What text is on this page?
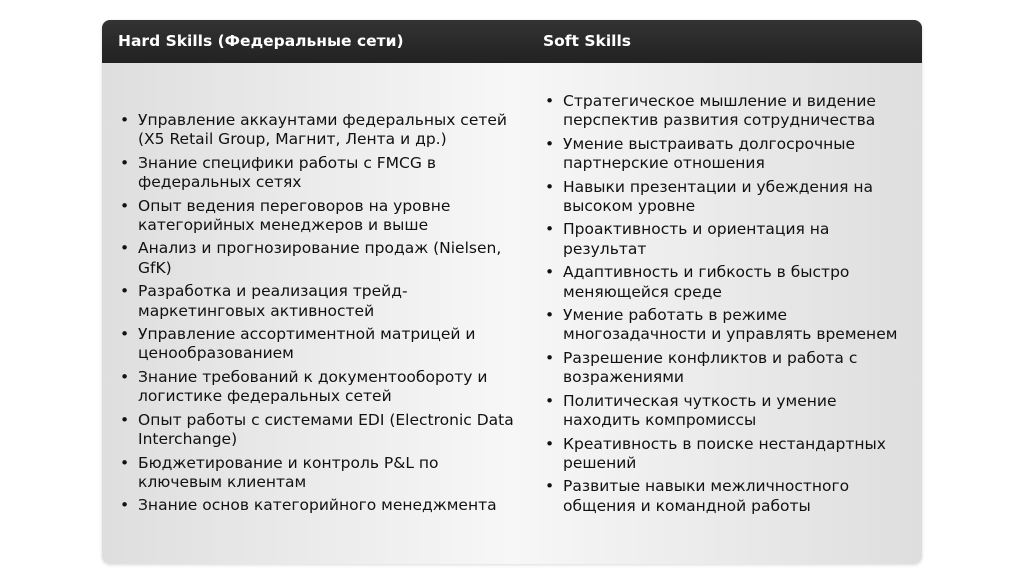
Hard Skills (Федеральные сети)	Soft Skills
• Управление аккаунтами федеральных сетей (X5 Retail Group, Магнит, Лента и др.)
• Знание специфики работы с FMCG в федеральных сетях
• Опыт ведения переговоров на уровне категорийных менеджеров и выше
• Анализ и прогнозирование продаж (Nielsen, GfK)
• Разработка и реализация трейд-маркетинговых активностей
• Управление ассортиментной матрицей и ценообразованием
• Знание требований к документообороту и логистике федеральных сетей
• Опыт работы с системами EDI (Electronic Data Interchange)
• Бюджетирование и контроль P&L по ключевым клиентам
• Знание основ категорийного менеджмента
• Стратегическое мышление и видение перспектив развития сотрудничества
• Умение выстраивать долгосрочные партнерские отношения
• Навыки презентации и убеждения на высоком уровне
• Проактивность и ориентация на результат
• Адаптивность и гибкость в быстро меняющейся среде
• Умение работать в режиме многозадачности и управлять временем
• Разрешение конфликтов и работа с возражениями
• Политическая чуткость и умение находить компромиссы
• Креативность в поиске нестандартных решений
• Развитые навыки межличностного общения и командной работы
